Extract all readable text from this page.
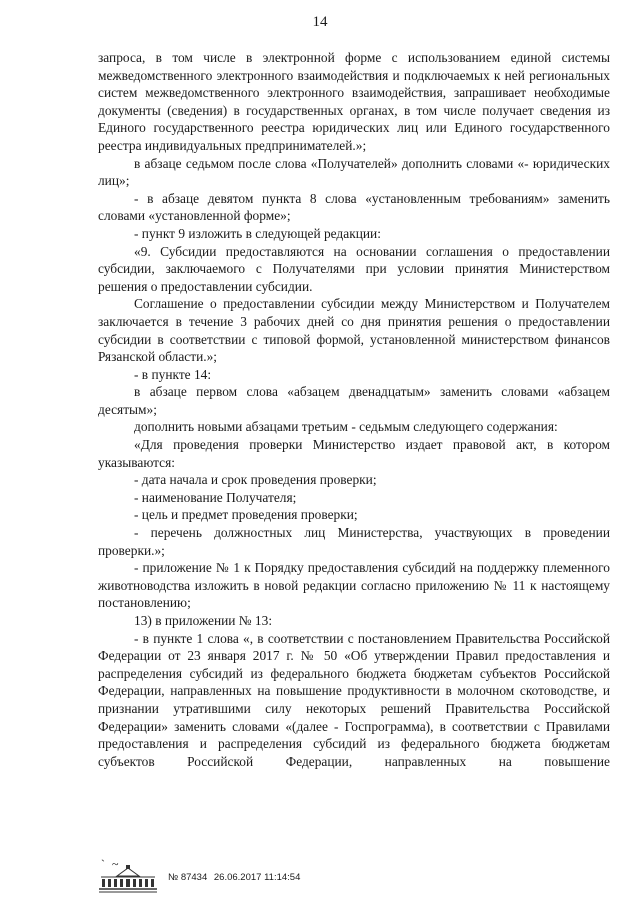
14

запроса, в том числе в электронной форме с использованием единой системы межведомственного электронного взаимодействия и подключаемых к ней региональных систем межведомственного электронного взаимодействия, запрашивает необходимые документы (сведения) в государственных органах, в том числе получает сведения из Единого государственного реестра юридических лиц или Единого государственного реестра индивидуальных предпринимателей.»;

в абзаце седьмом после слова «Получателей» дополнить словами «- юридических лиц»;

- в абзаце девятом пункта 8 слова «установленным требованиям» заменить словами «установленной форме»;

- пункт 9 изложить в следующей редакции:

«9. Субсидии предоставляются на основании соглашения о предоставлении субсидии, заключаемого с Получателями при условии принятия Министерством решения о предоставлении субсидии.

Соглашение о предоставлении субсидии между Министерством и Получателем заключается в течение 3 рабочих дней со дня принятия решения о предоставлении субсидии в соответствии с типовой формой, установленной министерством финансов Рязанской области.»;

- в пункте 14:

в абзаце первом слова «абзацем двенадцатым» заменить словами «абзацем десятым»;

дополнить новыми абзацами третьим - седьмым следующего содержания:

«Для проведения проверки Министерство издает правовой акт, в котором указываются:

- дата начала и срок проведения проверки;

- наименование Получателя;

- цель и предмет проведения проверки;

- перечень должностных лиц Министерства, участвующих в проведении проверки.»;

- приложение № 1 к Порядку предоставления субсидий на поддержку племенного животноводства изложить в новой редакции согласно приложению № 11 к настоящему постановлению;

13) в приложении № 13:

- в пункте 1 слова «, в соответствии с постановлением Правительства Российской Федерации от 23 января 2017 г. № 50 «Об утверждении Правил предоставления и распределения субсидий из федерального бюджета бюджетам субъектов Российской Федерации, направленных на повышение продуктивности в молочном скотоводстве, и признании утратившими силу некоторых решений Правительства Российской Федерации» заменить словами «(далее - Госпрограмма), в соответствии с Правилами предоставления и распределения субсидий из федерального бюджета бюджетам субъектов Российской Федерации, направленных на повышение

` ~
№ 87434 26.06.2017 11:14:54
